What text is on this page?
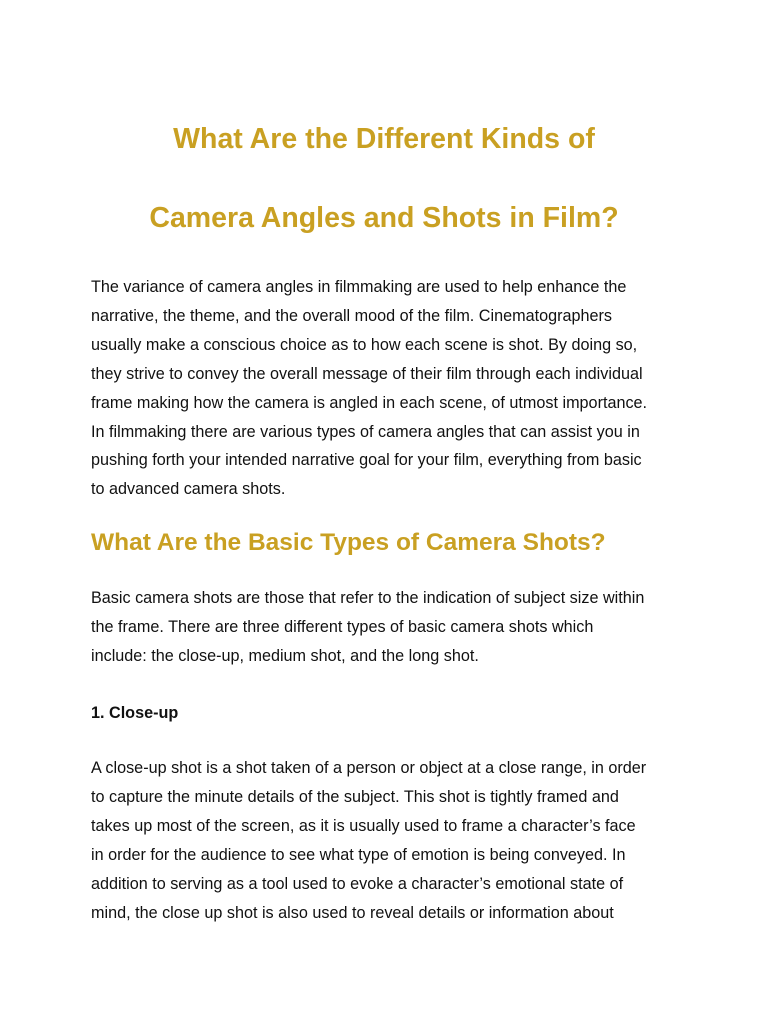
What Are the Different Kinds of
Camera Angles and Shots in Film?
The variance of camera angles in filmmaking are used to help enhance the
narrative, the theme, and the overall mood of the film. Cinematographers
usually make a conscious choice as to how each scene is shot. By doing so,
they strive to convey the overall message of their film through each individual
frame making how the camera is angled in each scene, of utmost importance.
In filmmaking there are various types of camera angles that can assist you in
pushing forth your intended narrative goal for your film, everything from basic
to advanced camera shots.
What Are the Basic Types of Camera Shots?
Basic camera shots are those that refer to the indication of subject size within
the frame. There are three different types of basic camera shots which
include: the close-up, medium shot, and the long shot.
1. Close-up
A close-up shot is a shot taken of a person or object at a close range, in order
to capture the minute details of the subject. This shot is tightly framed and
takes up most of the screen, as it is usually used to frame a character’s face
in order for the audience to see what type of emotion is being conveyed. In
addition to serving as a tool used to evoke a character’s emotional state of
mind, the close up shot is also used to reveal details or information about
